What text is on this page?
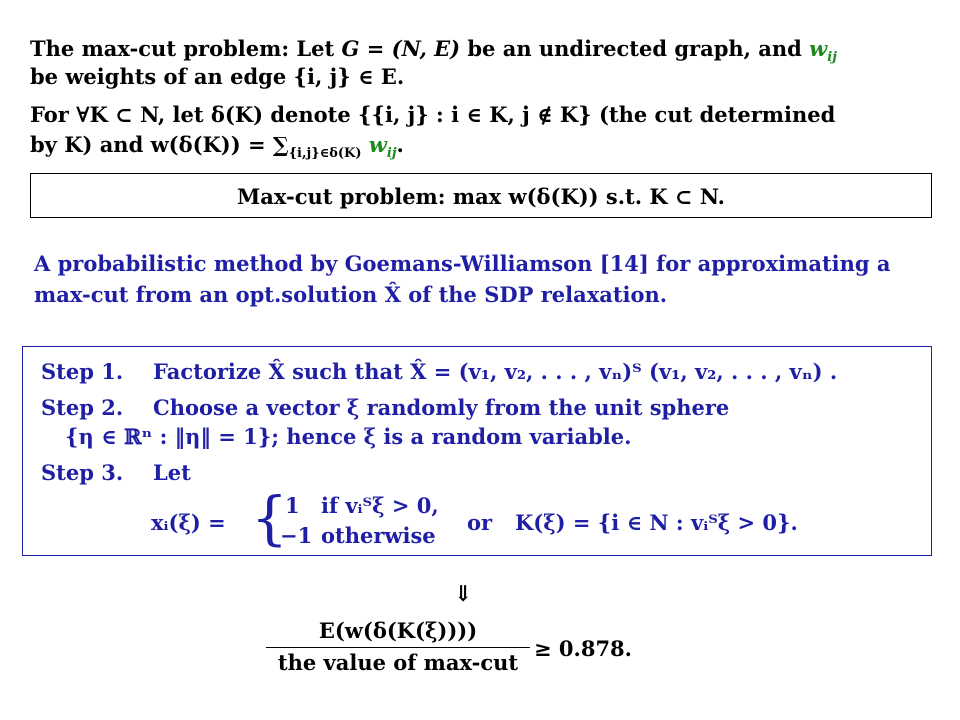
The max-cut problem: Let G = (N, E) be an undirected graph, and $w_{ij}$
be weights of an edge {i, j} ∈ E.
For ∀K ⊂ N, let δ(K) denote {{i, j} : i ∈ K, j ∉ K} (the cut determined
by K) and $w(\delta(K)) = \sum_{\{i,j\}\in\delta(K)}$ $w_{ij}$.
Max-cut problem: max w(δ(K)) s.t. K ⊂ N.
A probabilistic method by Goemans-Williamson [14] for approximating a
max-cut from an opt.solution X̂ of the SDP relaxation.
Step 1. Factorize X̂ such that X̂ = (v₁, v₂, . . . , vₙ)ᵀ (v₁, v₂, . . . , vₙ) .
Step 2. Choose a vector ξ randomly from the unit sphere
{η ∈ ℝⁿ : ‖η‖ = 1}; hence ξ is a random variable.
Step 3. Let
xᵢ(ξ) = {
1 if vᵢᵀξ > 0,
−1 otherwise
or K(ξ) = {i ∈ N : vᵢᵀξ > 0}.
⇓
E(w(δ(K(ξ))))
the value of max-cut
≥ 0.878.
